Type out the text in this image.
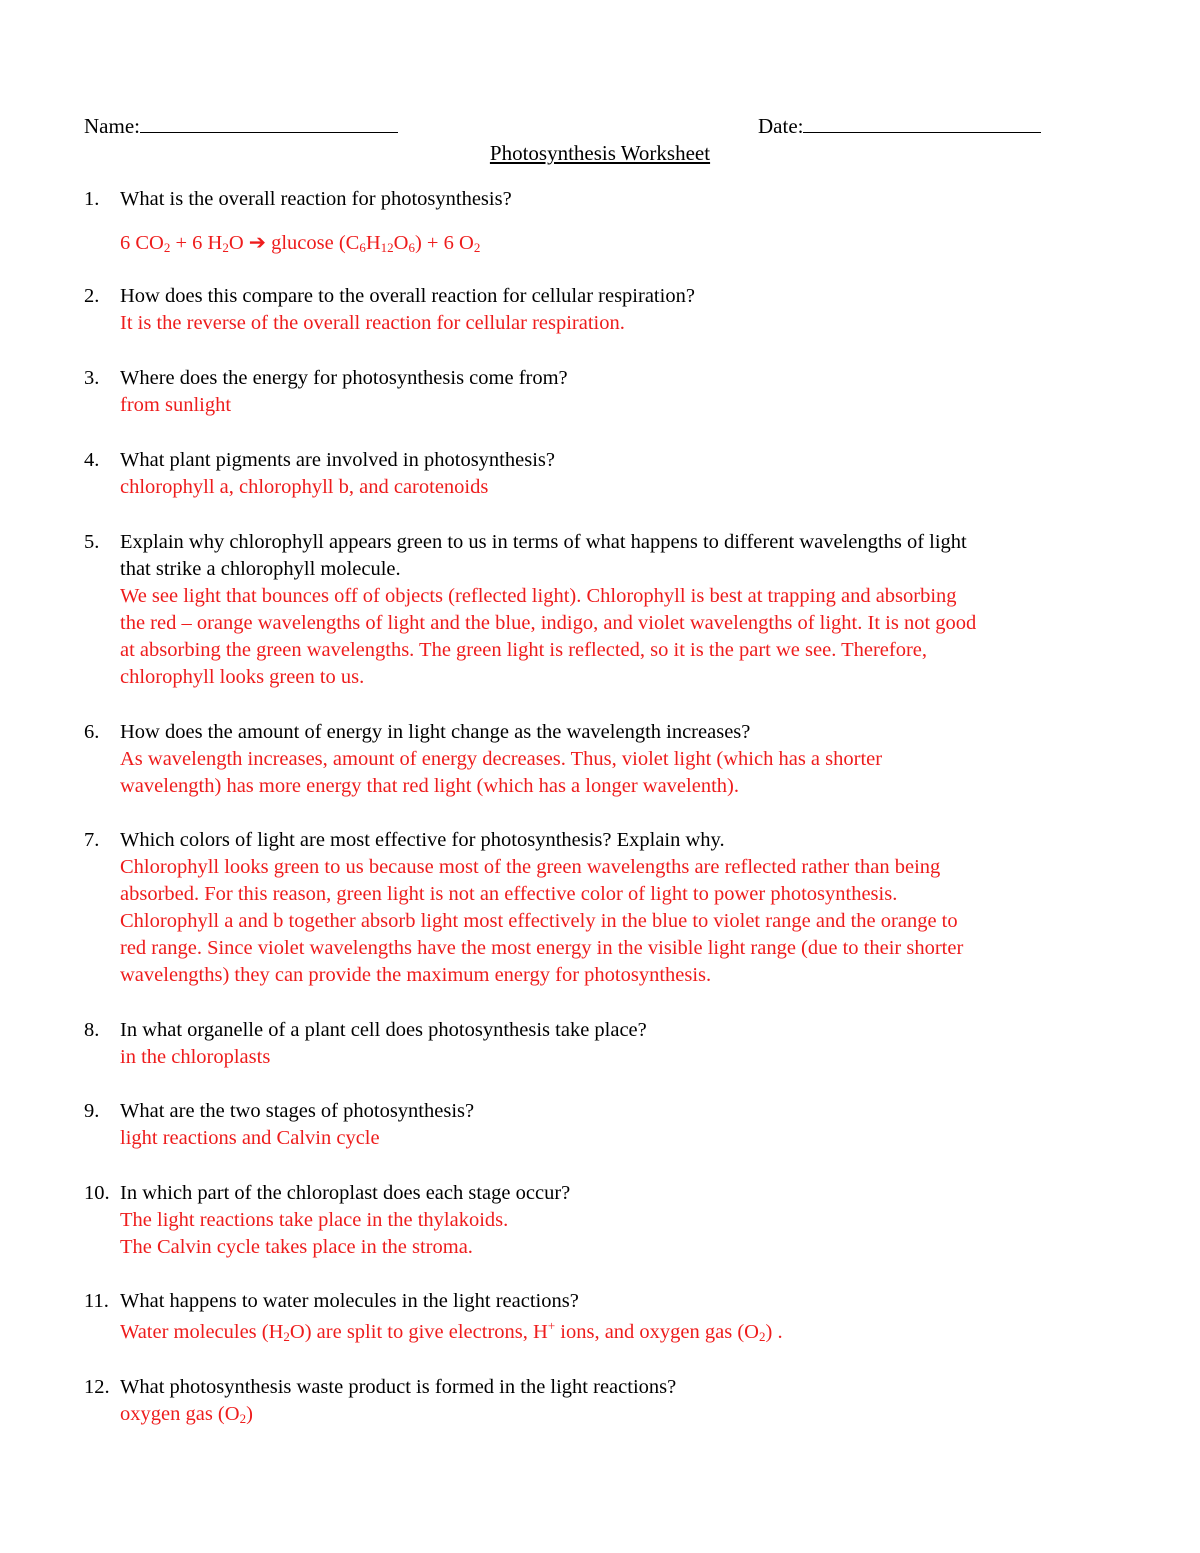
Name:	Date:
Photosynthesis Worksheet
1. What is the overall reaction for photosynthesis?
6 $CO_2 + 6$ $H_2O$ ➔ glucose $(C_6H_{12}O_6) + 6$ $O_2$
2. How does this compare to the overall reaction for cellular respiration?
It is the reverse of the overall reaction for cellular respiration.
3. Where does the energy for photosynthesis come from?
from sunlight
4. What plant pigments are involved in photosynthesis?
chlorophyll a, chlorophyll b, and carotenoids
5. Explain why chlorophyll appears green to us in terms of what happens to different wavelengths of light
that strike a chlorophyll molecule.
We see light that bounces off of objects (reflected light). Chlorophyll is best at trapping and absorbing
the red – orange wavelengths of light and the blue, indigo, and violet wavelengths of light. It is not good
at absorbing the green wavelengths. The green light is reflected, so it is the part we see. Therefore,
chlorophyll looks green to us.
6. How does the amount of energy in light change as the wavelength increases?
As wavelength increases, amount of energy decreases. Thus, violet light (which has a shorter
wavelength) has more energy that red light (which has a longer wavelenth).
7. Which colors of light are most effective for photosynthesis? Explain why.
Chlorophyll looks green to us because most of the green wavelengths are reflected rather than being
absorbed. For this reason, green light is not an effective color of light to power photosynthesis.
Chlorophyll a and b together absorb light most effectively in the blue to violet range and the orange to
red range. Since violet wavelengths have the most energy in the visible light range (due to their shorter
wavelengths) they can provide the maximum energy for photosynthesis.
8. In what organelle of a plant cell does photosynthesis take place?
in the chloroplasts
9. What are the two stages of photosynthesis?
light reactions and Calvin cycle
10. In which part of the chloroplast does each stage occur?
The light reactions take place in the thylakoids.
The Calvin cycle takes place in the stroma.
11. What happens to water molecules in the light reactions?
Water molecules $(H_2O)$ are split to give electrons, H+ ions, and oxygen gas $(O_2)$ .
12. What photosynthesis waste product is formed in the light reactions?
oxygen gas $(O_2)$
